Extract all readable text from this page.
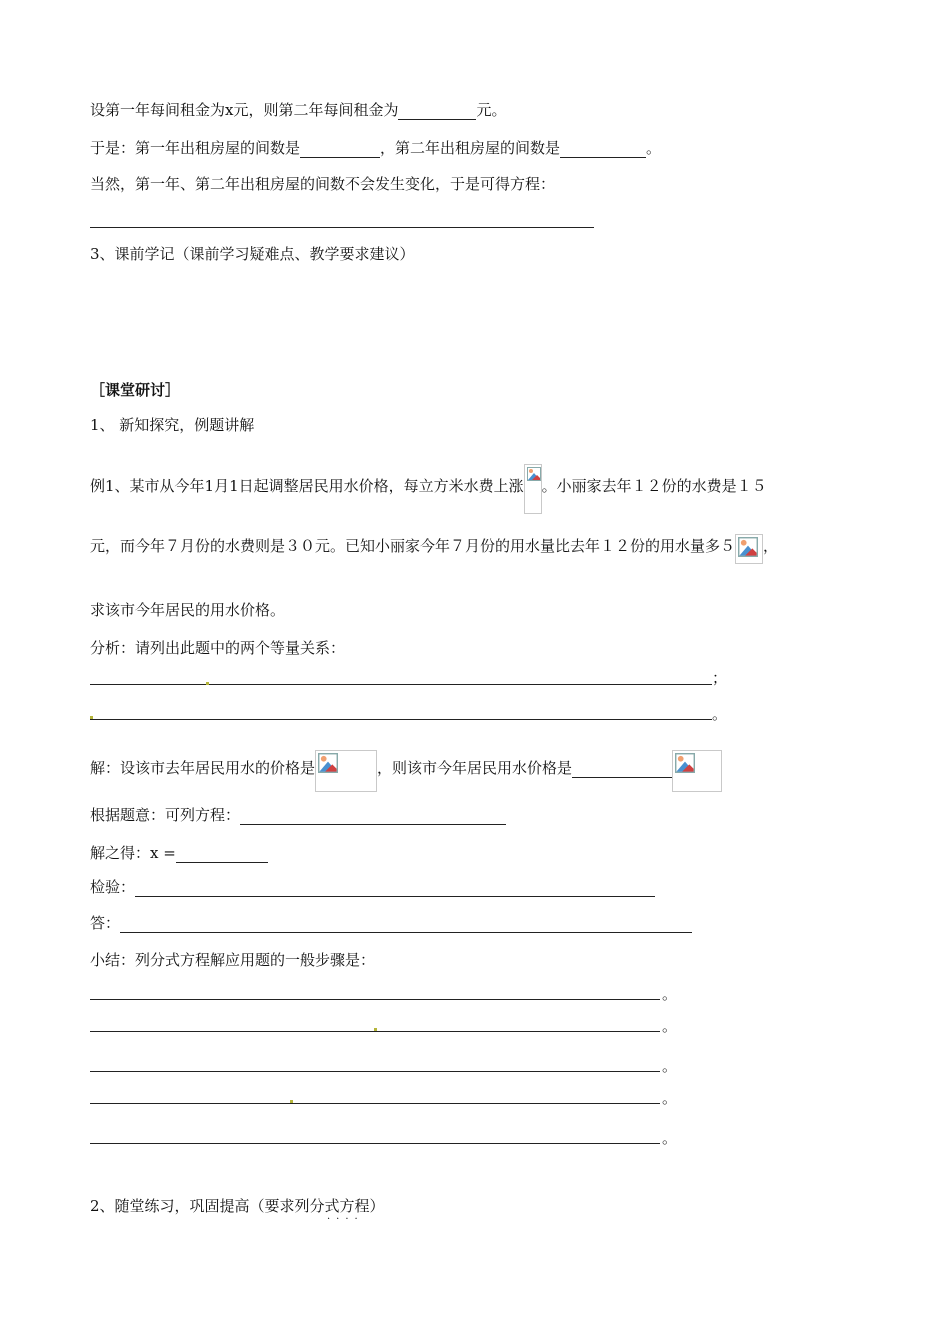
设第一年每间租金为x元，则第二年每间租金为	元。
于是：第一年出租房屋的间数是	，第二年出租房屋的间数是	。
当然，第一年、第二年出租房屋的间数不会发生变化，于是可得方程：
3、课前学记（课前学习疑难点、教学要求建议）
［课堂研讨］
1、 新知探究，例题讲解
例1、某市从今年1月1日起调整居民用水价格，每立方米水费上涨 。小丽家去年１２份的水费是１５
元，而今年７月份的水费则是３０元。已知小丽家今年７月份的用水量比去年１２份的用水量多５ ，
求该市今年居民的用水价格。
分析：请列出此题中的两个等量关系：
；
。
解：设该市去年居民用水的价格是	，则该市今年居民用水价格是
根据题意：可列方程：
解之得：x =
检验：
答：
小结：列分式方程解应用题的一般步骤是：
。
。
。
。
。
2、随堂练习，巩固提高（要求列分式方程）
····
